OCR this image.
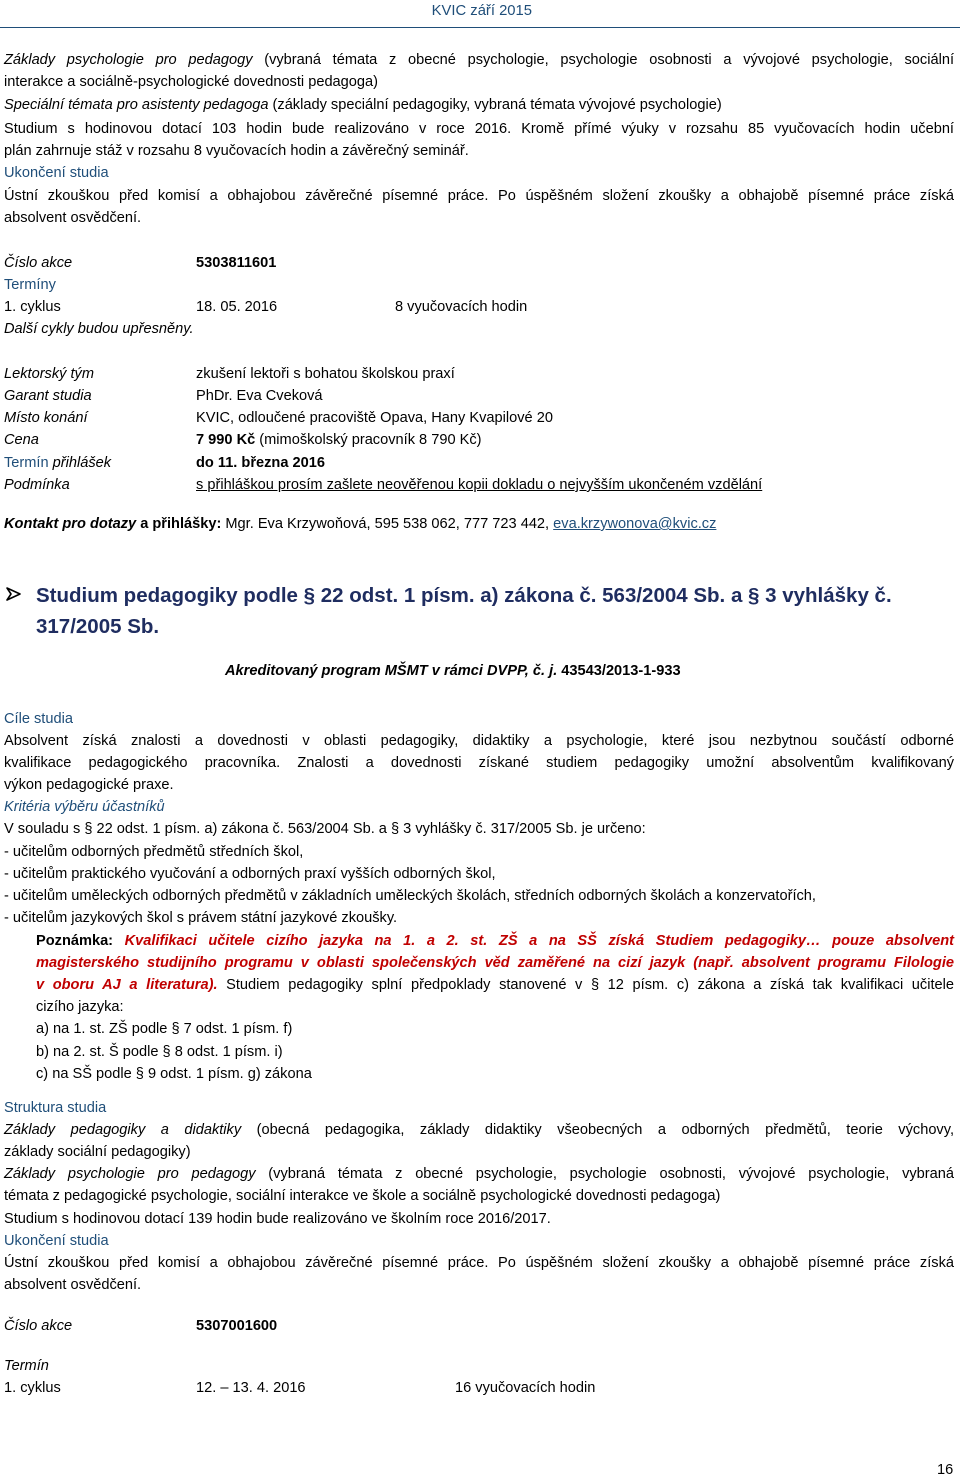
KVIC září 2015
Základy psychologie pro pedagogy (vybraná témata z obecné psychologie, psychologie osobnosti a vývojové psychologie, sociální
interakce a sociálně-psychologické dovednosti pedagoga)
Speciální témata pro asistenty pedagoga (základy speciální pedagogiky, vybraná témata vývojové psychologie)
Studium s hodinovou dotací 103 hodin bude realizováno v roce 2016. Kromě přímé výuky v rozsahu 85 vyučovacích hodin učební
plán zahrnuje stáž v rozsahu 8 vyučovacích hodin a závěrečný seminář.
Ukončení studia
Ústní zkouškou před komisí a obhajobou závěrečné písemné práce. Po úspěšném složení zkoušky a obhajobě písemné práce získá
absolvent osvědčení.
Číslo akce	5303811601
Termíny
1. cyklus	18. 05. 2016	8 vyučovacích hodin
Další cykly budou upřesněny.
Lektorský tým	zkušení lektoři s bohatou školskou praxí
Garant studia	PhDr. Eva Cveková
Místo konání	KVIC, odloučené pracoviště Opava, Hany Kvapilové 20
Cena	7 990 Kč (mimoškolský pracovník 8 790 Kč)
Termín přihlášek	do 11. března 2016
Podmínka	s přihláškou prosím zašlete neověřenou kopii dokladu o nejvyšším ukončeném vzdělání
Kontakt pro dotazy a přihlášky: Mgr. Eva Krzywoňová, 595 538 062, 777 723 442, eva.krzywonova@kvic.cz
Studium pedagogiky podle § 22 odst. 1 písm. a) zákona č. 563/2004 Sb. a § 3 vyhlášky č.
317/2005 Sb.
Akreditovaný program MŠMT v rámci DVPP, č. j. 43543/2013-1-933
Cíle studia
Absolvent získá znalosti a dovednosti v oblasti pedagogiky, didaktiky a psychologie, které jsou nezbytnou součástí odborné
kvalifikace pedagogického pracovníka. Znalosti a dovednosti získané studiem pedagogiky umožní absolventům kvalifikovaný
výkon pedagogické praxe.
Kritéria výběru účastníků
V souladu s § 22 odst. 1 písm. a) zákona č. 563/2004 Sb. a § 3 vyhlášky č. 317/2005 Sb. je určeno:
- učitelům odborných předmětů středních škol,
- učitelům praktického vyučování a odborných praxí vyšších odborných škol,
- učitelům uměleckých odborných předmětů v základních uměleckých školách, středních odborných školách a konzervatořích,
- učitelům jazykových škol s právem státní jazykové zkoušky.
Poznámka: Kvalifikaci učitele cizího jazyka na 1. a 2. st. ZŠ a na SŠ získá Studiem pedagogiky… pouze absolvent
magisterského studijního programu v oblasti společenských věd zaměřené na cizí jazyk (např. absolvent programu Filologie
v oboru AJ a literatura). Studiem pedagogiky splní předpoklady stanovené v § 12 písm. c) zákona a získá tak kvalifikaci učitele
cizího jazyka:
a) na 1. st. ZŠ podle § 7 odst. 1 písm. f)
b) na 2. st. Š podle § 8 odst. 1 písm. i)
c) na SŠ podle § 9 odst. 1 písm. g) zákona
Struktura studia
Základy pedagogiky a didaktiky (obecná pedagogika, základy didaktiky všeobecných a odborných předmětů, teorie výchovy,
základy sociální pedagogiky)
Základy psychologie pro pedagogy (vybraná témata z obecné psychologie, psychologie osobnosti, vývojové psychologie, vybraná
témata z pedagogické psychologie, sociální interakce ve škole a sociálně psychologické dovednosti pedagoga)
Studium s hodinovou dotací 139 hodin bude realizováno ve školním roce 2016/2017.
Ukončení studia
Ústní zkouškou před komisí a obhajobou závěrečné písemné práce. Po úspěšném složení zkoušky a obhajobě písemné práce získá
absolvent osvědčení.
Číslo akce	5307001600
Termín
1. cyklus	12. – 13. 4. 2016	16 vyučovacích hodin
16
